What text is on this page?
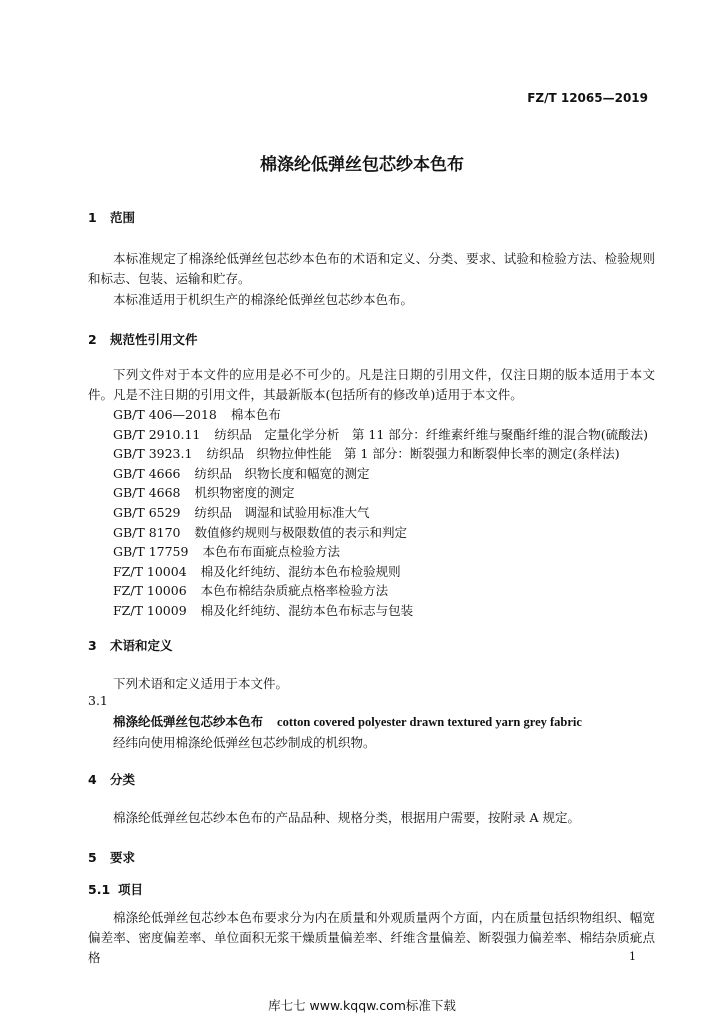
FZ/T 12065—2019
棉涤纶低弹丝包芯纱本色布
1 范围
本标准规定了棉涤纶低弹丝包芯纱本色布的术语和定义、分类、要求、试验和检验方法、检验规则和标志、包装、运输和贮存。
本标准适用于机织生产的棉涤纶低弹丝包芯纱本色布。
2 规范性引用文件
下列文件对于本文件的应用是必不可少的。凡是注日期的引用文件，仅注日期的版本适用于本文件。凡是不注日期的引用文件，其最新版本(包括所有的修改单)适用于本文件。
GB/T 406—2018 棉本色布
GB/T 2910.11 纺织品　定量化学分析　第 11 部分：纤维素纤维与聚酯纤维的混合物(硫酸法)
GB/T 3923.1 纺织品　织物拉伸性能　第 1 部分：断裂强力和断裂伸长率的测定(条样法)
GB/T 4666 纺织品　织物长度和幅宽的测定
GB/T 4668 机织物密度的测定
GB/T 6529 纺织品　调湿和试验用标准大气
GB/T 8170 数值修约规则与极限数值的表示和判定
GB/T 17759 本色布布面疵点检验方法
FZ/T 10004 棉及化纤纯纺、混纺本色布检验规则
FZ/T 10006 本色布棉结杂质疵点格率检验方法
FZ/T 10009 棉及化纤纯纺、混纺本色布标志与包装
3 术语和定义
下列术语和定义适用于本文件。
3.1
棉涤纶低弹丝包芯纱本色布 cotton covered polyester drawn textured yarn grey fabric
经纬向使用棉涤纶低弹丝包芯纱制成的机织物。
4 分类
棉涤纶低弹丝包芯纱本色布的产品品种、规格分类，根据用户需要，按附录 A 规定。
5 要求
5.1 项目
棉涤纶低弹丝包芯纱本色布要求分为内在质量和外观质量两个方面，内在质量包括织物组织、幅宽偏差率、密度偏差率、单位面积无浆干燥质量偏差率、纤维含量偏差、断裂强力偏差率、棉结杂质疵点格	1
库七七 www.kqqw.com标准下载
